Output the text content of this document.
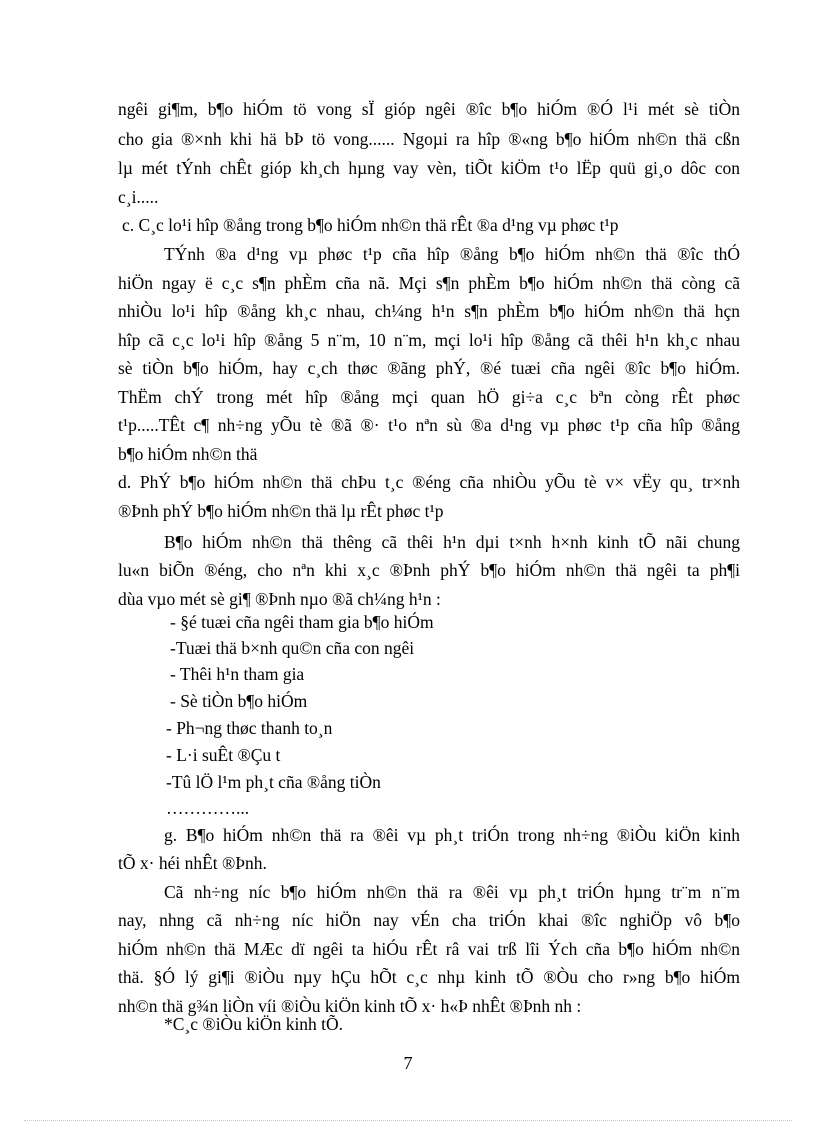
ngêi gi¶m, b¶o hiÓm tö vong sÏ gióp ngêi ®îc b¶o hiÓm ®Ó l¹i mét sè tiÒn
cho gia ®×nh khi hä bÞ tö vong...... Ngoµi ra hîp ®«ng b¶o hiÓm nh©n thä cßn
lµ mét tÝnh chÊt gióp kh¸ch hµng vay vèn, tiÕt kiÖm t¹o lËp quü gi¸o dôc con
c¸i.....
c. C¸c lo¹i hîp ®ång trong b¶o hiÓm nh©n thä rÊt ®a d¹ng vµ phøc t¹p
TÝnh ®a d¹ng vµ phøc t¹p cña hîp ®ång b¶o hiÓm nh©n thä ®îc thÓ
hiÖn ngay ë c¸c s¶n phÈm cña nã. Mçi s¶n phÈm b¶o hiÓm nh©n thä còng cã
nhiÒu lo¹i hîp ®ång kh¸c nhau, ch¼ng h¹n s¶n phÈm b¶o hiÓm nh©n thä hçn
hîp cã c¸c lo¹i hîp ®ång 5 n¨m, 10 n¨m, mçi lo¹i hîp ®ång cã thêi h¹n kh¸c nhau
sè tiÒn b¶o hiÓm, hay c¸ch thøc ®ãng phÝ, ®é tuæi cña ngêi ®îc b¶o hiÓm.
ThËm chÝ trong mét hîp ®ång mçi quan hÖ gi÷a c¸c bªn còng rÊt phøc
t¹p.....TÊt c¶ nh÷ng yÕu tè ®ã ®· t¹o nªn sù ®a d¹ng vµ phøc t¹p cña hîp ®ång
b¶o hiÓm nh©n thä
d. PhÝ b¶o hiÓm nh©n thä chÞu t¸c ®éng cña nhiÒu yÕu tè v× vËy qu¸ tr×nh
®Þnh phÝ b¶o hiÓm nh©n thä lµ rÊt phøc t¹p
B¶o hiÓm nh©n thä thêng cã thêi h¹n dµi t×nh h×nh kinh tÕ nãi chung
lu«n biÕn ®éng, cho nªn khi x¸c ®Þnh phÝ b¶o hiÓm nh©n thä ngêi ta ph¶i
dùa vµo mét sè gi¶ ®Þnh nµo ®ã ch¼ng h¹n :
- §é tuæi cña ngêi tham gia b¶o hiÓm
-Tuæi thä b×nh qu©n cña con ngêi
- Thêi h¹n tham gia
- Sè tiÒn b¶o hiÓm
- Ph¬ng thøc thanh to¸n
- L·i suÊt ®Çu t
-Tû lÖ l¹m ph¸t cña ®ång tiÒn
…………...
g. B¶o hiÓm nh©n thä ra ®êi vµ ph¸t triÓn trong nh÷ng ®iÒu kiÖn kinh
tÕ x· héi nhÊt ®Þnh.
Cã nh÷ng níc b¶o hiÓm nh©n thä ra ®êi vµ ph¸t triÓn hµng tr¨m n¨m
nay, nhng cã nh÷ng níc hiÖn nay vÉn cha triÓn khai ®îc nghiÖp vô b¶o
hiÓm nh©n thä MÆc dï ngêi ta hiÓu rÊt râ vai trß lîi Ých cña b¶o hiÓm nh©n
thä. §Ó lý gi¶i ®iÒu nµy hÇu hÕt c¸c nhµ kinh tÕ ®Òu cho r»ng b¶o hiÓm
nh©n thä g¾n liÒn víi ®iÒu kiÖn kinh tÕ x· h«Þ nhÊt ®Þnh nh :
*C¸c ®iÒu kiÖn kinh tÕ.
7
